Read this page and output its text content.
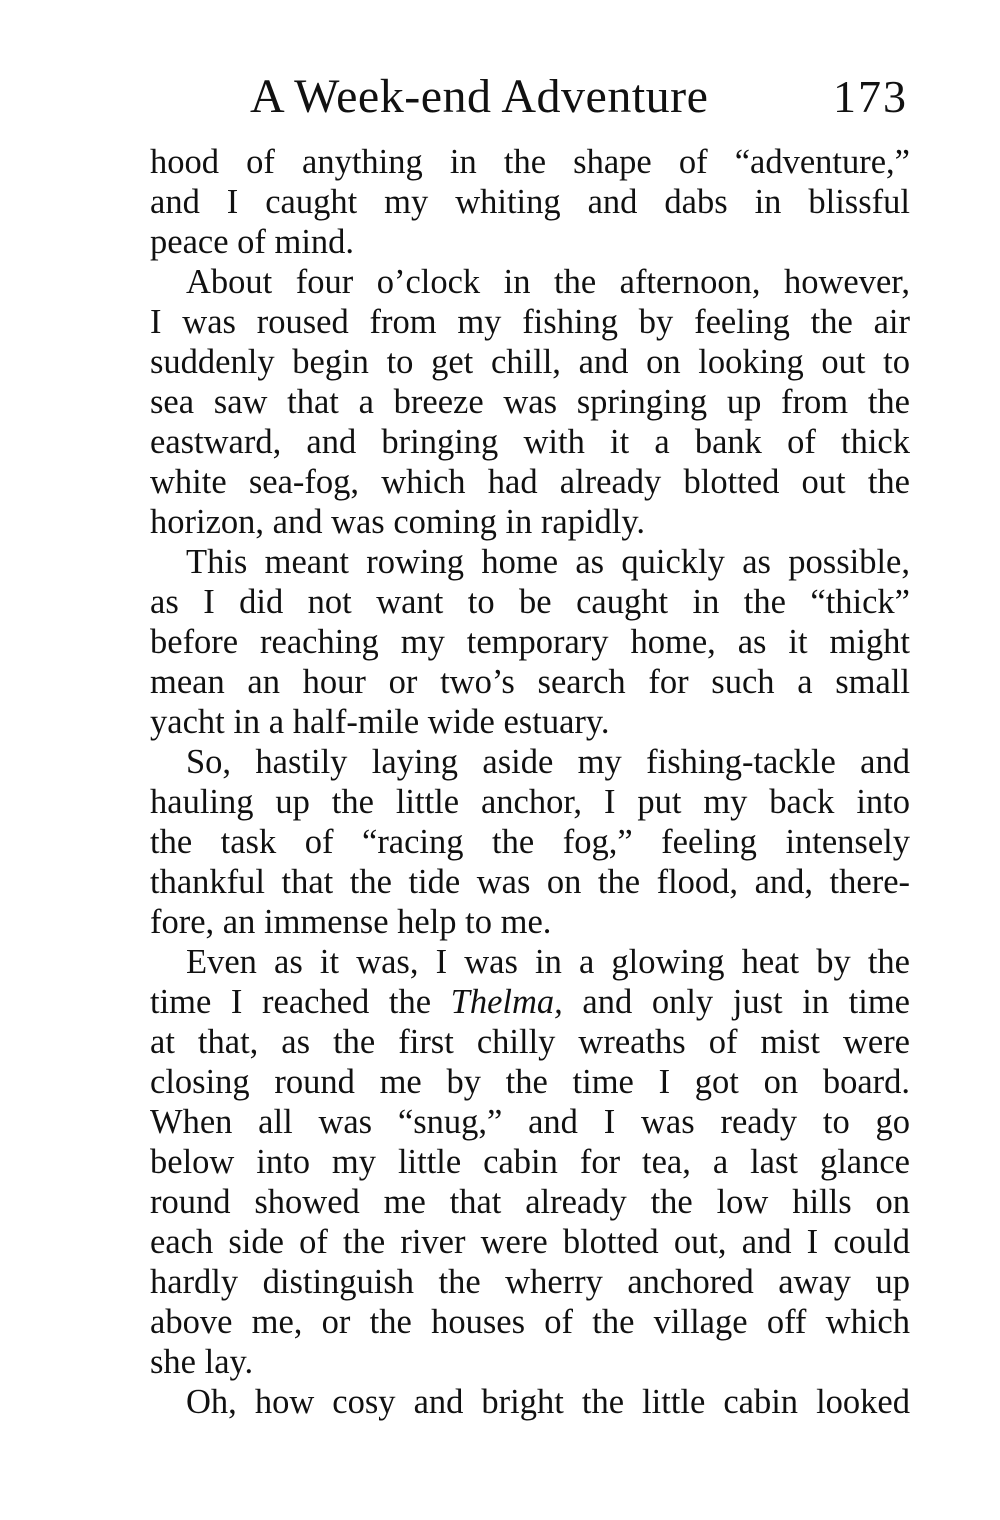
A Week-end Adventure	173
hood of anything in the shape of “adventure,”
and I caught my whiting and dabs in blissful
peace of mind.
About four o’clock in the afternoon, however,
I was roused from my fishing by feeling the air
suddenly begin to get chill, and on looking out to
sea saw that a breeze was springing up from the
eastward, and bringing with it a bank of thick
white sea-fog, which had already blotted out the
horizon, and was coming in rapidly.
This meant rowing home as quickly as possible,
as I did not want to be caught in the “thick”
before reaching my temporary home, as it might
mean an hour or two’s search for such a small
yacht in a half-mile wide estuary.
So, hastily laying aside my fishing-tackle and
hauling up the little anchor, I put my back into
the task of “racing the fog,” feeling intensely
thankful that the tide was on the flood, and, there-
fore, an immense help to me.
Even as it was, I was in a glowing heat by the
time I reached the Thelma, and only just in time
at that, as the first chilly wreaths of mist were
closing round me by the time I got on board.
When all was “snug,” and I was ready to go
below into my little cabin for tea, a last glance
round showed me that already the low hills on
each side of the river were blotted out, and I could
hardly distinguish the wherry anchored away up
above me, or the houses of the village off which
she lay.
Oh, how cosy and bright the little cabin looked
